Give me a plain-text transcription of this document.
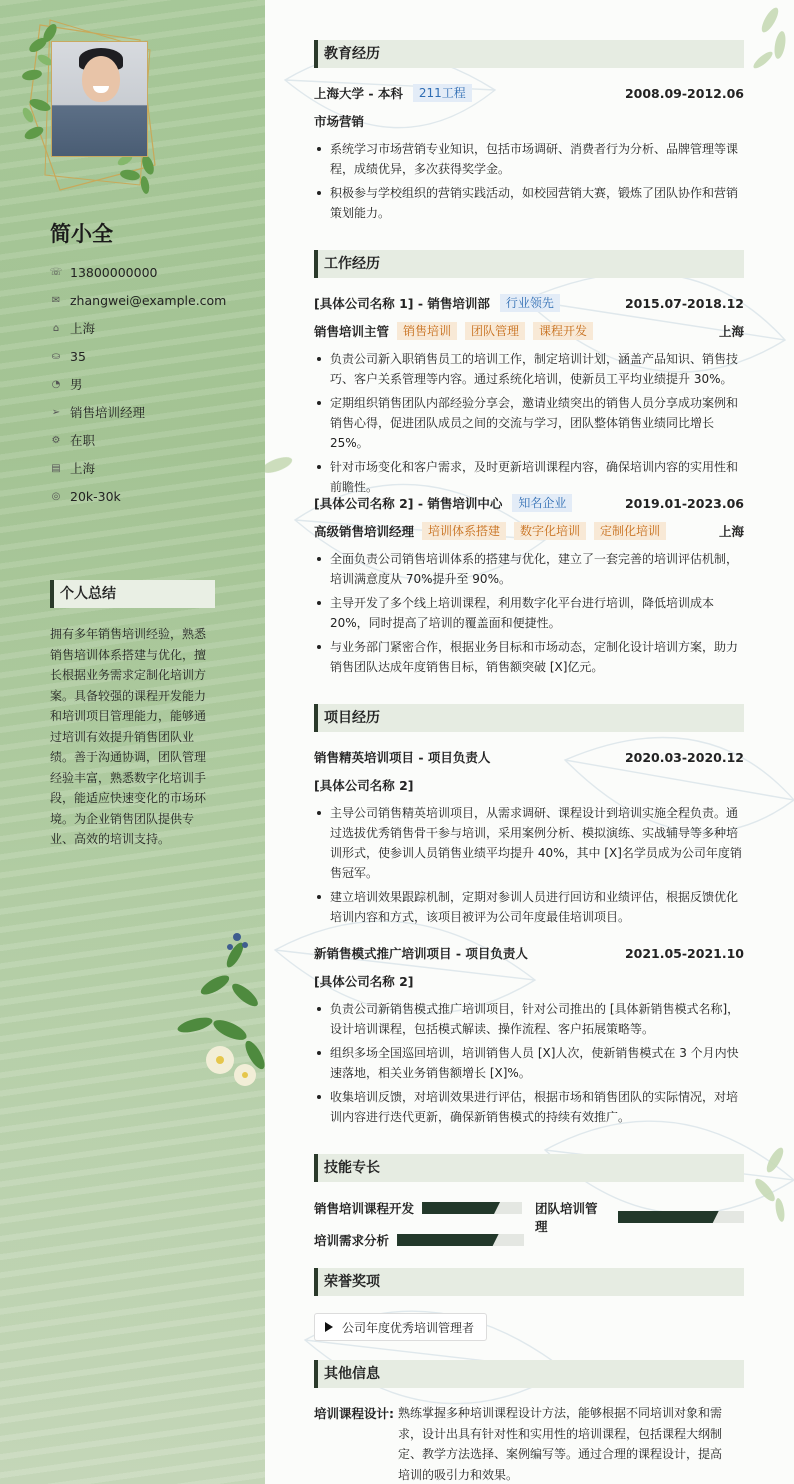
简小全
☏ 13800000000
✉ zhangwei@example.com
⌂ 上海
⛀ 35
◔ 男
➢ 销售培训经理
⚙ 在职
▤ 上海
◎ 20k-30k
个人总结
拥有多年销售培训经验，熟悉销售培训体系搭建与优化，擅长根据业务需求定制化培训方案。具备较强的课程开发能力和培训项目管理能力，能够通过培训有效提升销售团队业绩。善于沟通协调，团队管理经验丰富，熟悉数字化培训手段，能适应快速变化的市场环境。为企业销售团队提供专业、高效的培训支持。
教育经历
上海大学 - 本科	211工程	2008.09-2012.06
市场营销
系统学习市场营销专业知识，包括市场调研、消费者行为分析、品牌管理等课程，成绩优异，多次获得奖学金。
积极参与学校组织的营销实践活动，如校园营销大赛，锻炼了团队协作和营销策划能力。
工作经历
[具体公司名称 1] - 销售培训部	行业领先	2015.07-2018.12
销售培训主管	销售培训	团队管理	课程开发	上海
负责公司新入职销售员工的培训工作，制定培训计划，涵盖产品知识、销售技巧、客户关系管理等内容。通过系统化培训，使新员工平均业绩提升 30%。
定期组织销售团队内部经验分享会，邀请业绩突出的销售人员分享成功案例和销售心得，促进团队成员之间的交流与学习，团队整体销售业绩同比增长 25%。
针对市场变化和客户需求，及时更新培训课程内容，确保培训内容的实用性和前瞻性。
[具体公司名称 2] - 销售培训中心	知名企业	2019.01-2023.06
高级销售培训经理	培训体系搭建	数字化培训	定制化培训	上海
全面负责公司销售培训体系的搭建与优化，建立了一套完善的培训评估机制，培训满意度从 70%提升至 90%。
主导开发了多个线上培训课程，利用数字化平台进行培训，降低培训成本 20%，同时提高了培训的覆盖面和便捷性。
与业务部门紧密合作，根据业务目标和市场动态，定制化设计培训方案，助力销售团队达成年度销售目标，销售额突破 [X]亿元。
项目经历
销售精英培训项目 - 项目负责人	2020.03-2020.12
[具体公司名称 2]
主导公司销售精英培训项目，从需求调研、课程设计到培训实施全程负责。通过选拔优秀销售骨干参与培训，采用案例分析、模拟演练、实战辅导等多种培训形式，使参训人员销售业绩平均提升 40%，其中 [X]名学员成为公司年度销售冠军。
建立培训效果跟踪机制，定期对参训人员进行回访和业绩评估，根据反馈优化培训内容和方式，该项目被评为公司年度最佳培训项目。
新销售模式推广培训项目 - 项目负责人	2021.05-2021.10
[具体公司名称 2]
负责公司新销售模式推广培训项目，针对公司推出的 [具体新销售模式名称]，设计培训课程，包括模式解读、操作流程、客户拓展策略等。
组织多场全国巡回培训，培训销售人员 [X]人次，使新销售模式在 3 个月内快速落地，相关业务销售额增长 [X]%。
收集培训反馈，对培训效果进行评估，根据市场和销售团队的实际情况，对培训内容进行迭代更新，确保新销售模式的持续有效推广。
技能专长
销售培训课程开发	团队培训管理
培训需求分析
荣誉奖项
公司年度优秀培训管理者
其他信息
培训课程设计: 熟练掌握多种培训课程设计方法，能够根据不同培训对象和需求，设计出具有针对性和实用性的培训课程，包括课程大纲制定、教学方法选择、案例编写等。通过合理的课程设计，提高培训的吸引力和效果。
